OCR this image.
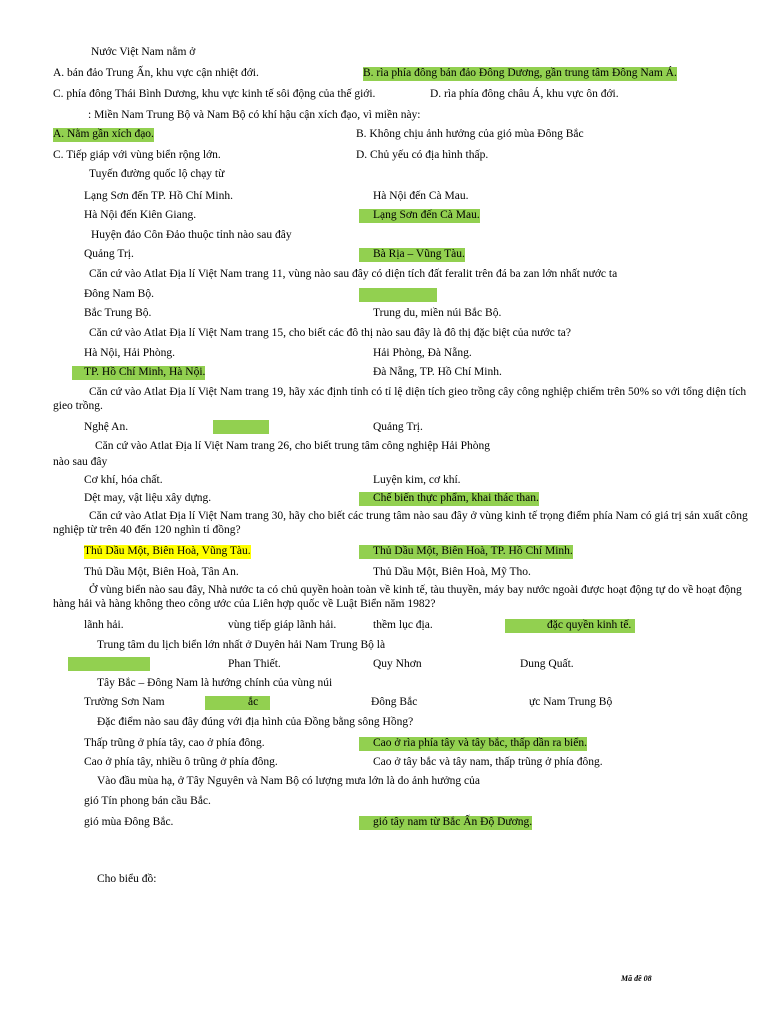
Nước Việt Nam nằm ở
A. bán đảo Trung Ấn, khu vực cận nhiệt đới.	B. rìa phía đông bán đảo Đông Dương, gần trung tâm Đông Nam Á.
C. phía đông Thái Bình Dương, khu vực kinh tế sôi động của thế giới.	D. rìa phía đông châu Á, khu vực ôn đới.
: Miền Nam Trung Bộ và Nam Bộ có khí hậu cận xích đạo, vì miền này:
A. Nằm gần xích đạo.	B. Không chịu ảnh hưởng của gió mùa Đông Bắc
C. Tiếp giáp với vùng biển rộng lớn.	D. Chủ yếu có địa hình thấp.
Tuyến đường quốc lộ chạy từ
Lạng Sơn đến TP. Hồ Chí Minh.	Hà Nội đến Cà Mau.
Hà Nội đến Kiên Giang.	Lạng Sơn đến Cà Mau.
Huyện đảo Côn Đảo thuộc tỉnh nào sau đây
Quảng Trị.	Bà Rịa – Vũng Tàu.
Căn cứ vào Atlat Địa lí Việt Nam trang 11, vùng nào sau đây có diện tích đất feralit trên đá ba zan lớn nhất nước ta
Đông Nam Bộ.
Bắc Trung Bộ.	Trung du, miền núi Bắc Bộ.
Căn cứ vào Atlat Địa lí Việt Nam trang 15, cho biết các đô thị nào sau đây là đô thị đặc biệt của nước ta?
Hà Nội, Hải Phòng.	Hải Phòng, Đà Nẵng.
TP. Hồ Chí Minh, Hà Nội.	Đà Nẵng, TP. Hồ Chí Minh.
Căn cứ vào Atlat Địa lí Việt Nam trang 19, hãy xác định tỉnh có tỉ lệ diện tích gieo trồng cây công nghiệp chiếm trên 50% so với tổng diện tích gieo trồng.
Nghệ An.	Quảng Trị.
Căn cứ vào Atlat Địa lí Việt Nam trang 26, cho biết trung tâm công nghiệp Hải Phòng
nào sau đây
Cơ khí, hóa chất.	Luyện kim, cơ khí.
Dệt may, vật liệu xây dựng.	Chế biến thực phẩm, khai thác than.
Căn cứ vào Atlat Địa lí Việt Nam trang 30, hãy cho biết các trung tâm nào sau đây ở vùng kinh tế trọng điểm phía Nam có giá trị sản xuất công nghiệp từ trên 40 đến 120 nghìn tỉ đồng?
Thủ Dầu Một, Biên Hoà, Vũng Tàu.	Thủ Dầu Một, Biên Hoà, TP. Hồ Chí Minh.
Thủ Dầu Một, Biên Hoà, Tân An.	Thủ Dầu Một, Biên Hoà, Mỹ Tho.
Ở vùng biển nào sau đây, Nhà nước ta có chủ quyền hoàn toàn về kinh tế, tàu thuyền, máy bay nước ngoài được hoạt động tự do về hoạt động hàng hải và hàng không theo công ước của Liên hợp quốc về Luật Biển năm 1982?
lãnh hải.	vùng tiếp giáp lãnh hải.	thềm lục địa.	đặc quyền kinh tế.
Trung tâm du lịch biển lớn nhất ở Duyên hải Nam Trung Bộ là
Phan Thiết.	Quy Nhơn	Dung Quất.
Tây Bắc – Đông Nam là hướng chính của vùng núi
Trường Sơn Nam	ắc	Đông Bắc	ực Nam Trung Bộ
Đặc điểm nào sau đây đúng với địa hình của Đồng bằng sông Hồng?
Thấp trũng ở phía tây, cao ở phía đông.	Cao ở rìa phía tây và tây bắc, thấp dần ra biển.
Cao ở phía tây, nhiều ô trũng ở phía đông.	Cao ở tây bắc và tây nam, thấp trũng ở phía đông.
Vào đầu mùa hạ, ở Tây Nguyên và Nam Bộ có lượng mưa lớn là do ảnh hưởng của
gió Tín phong bán cầu Bắc.
gió mùa Đông Bắc.	gió tây nam từ Bắc Ấn Độ Dương.
Cho biểu đồ:
Mã đề 08
